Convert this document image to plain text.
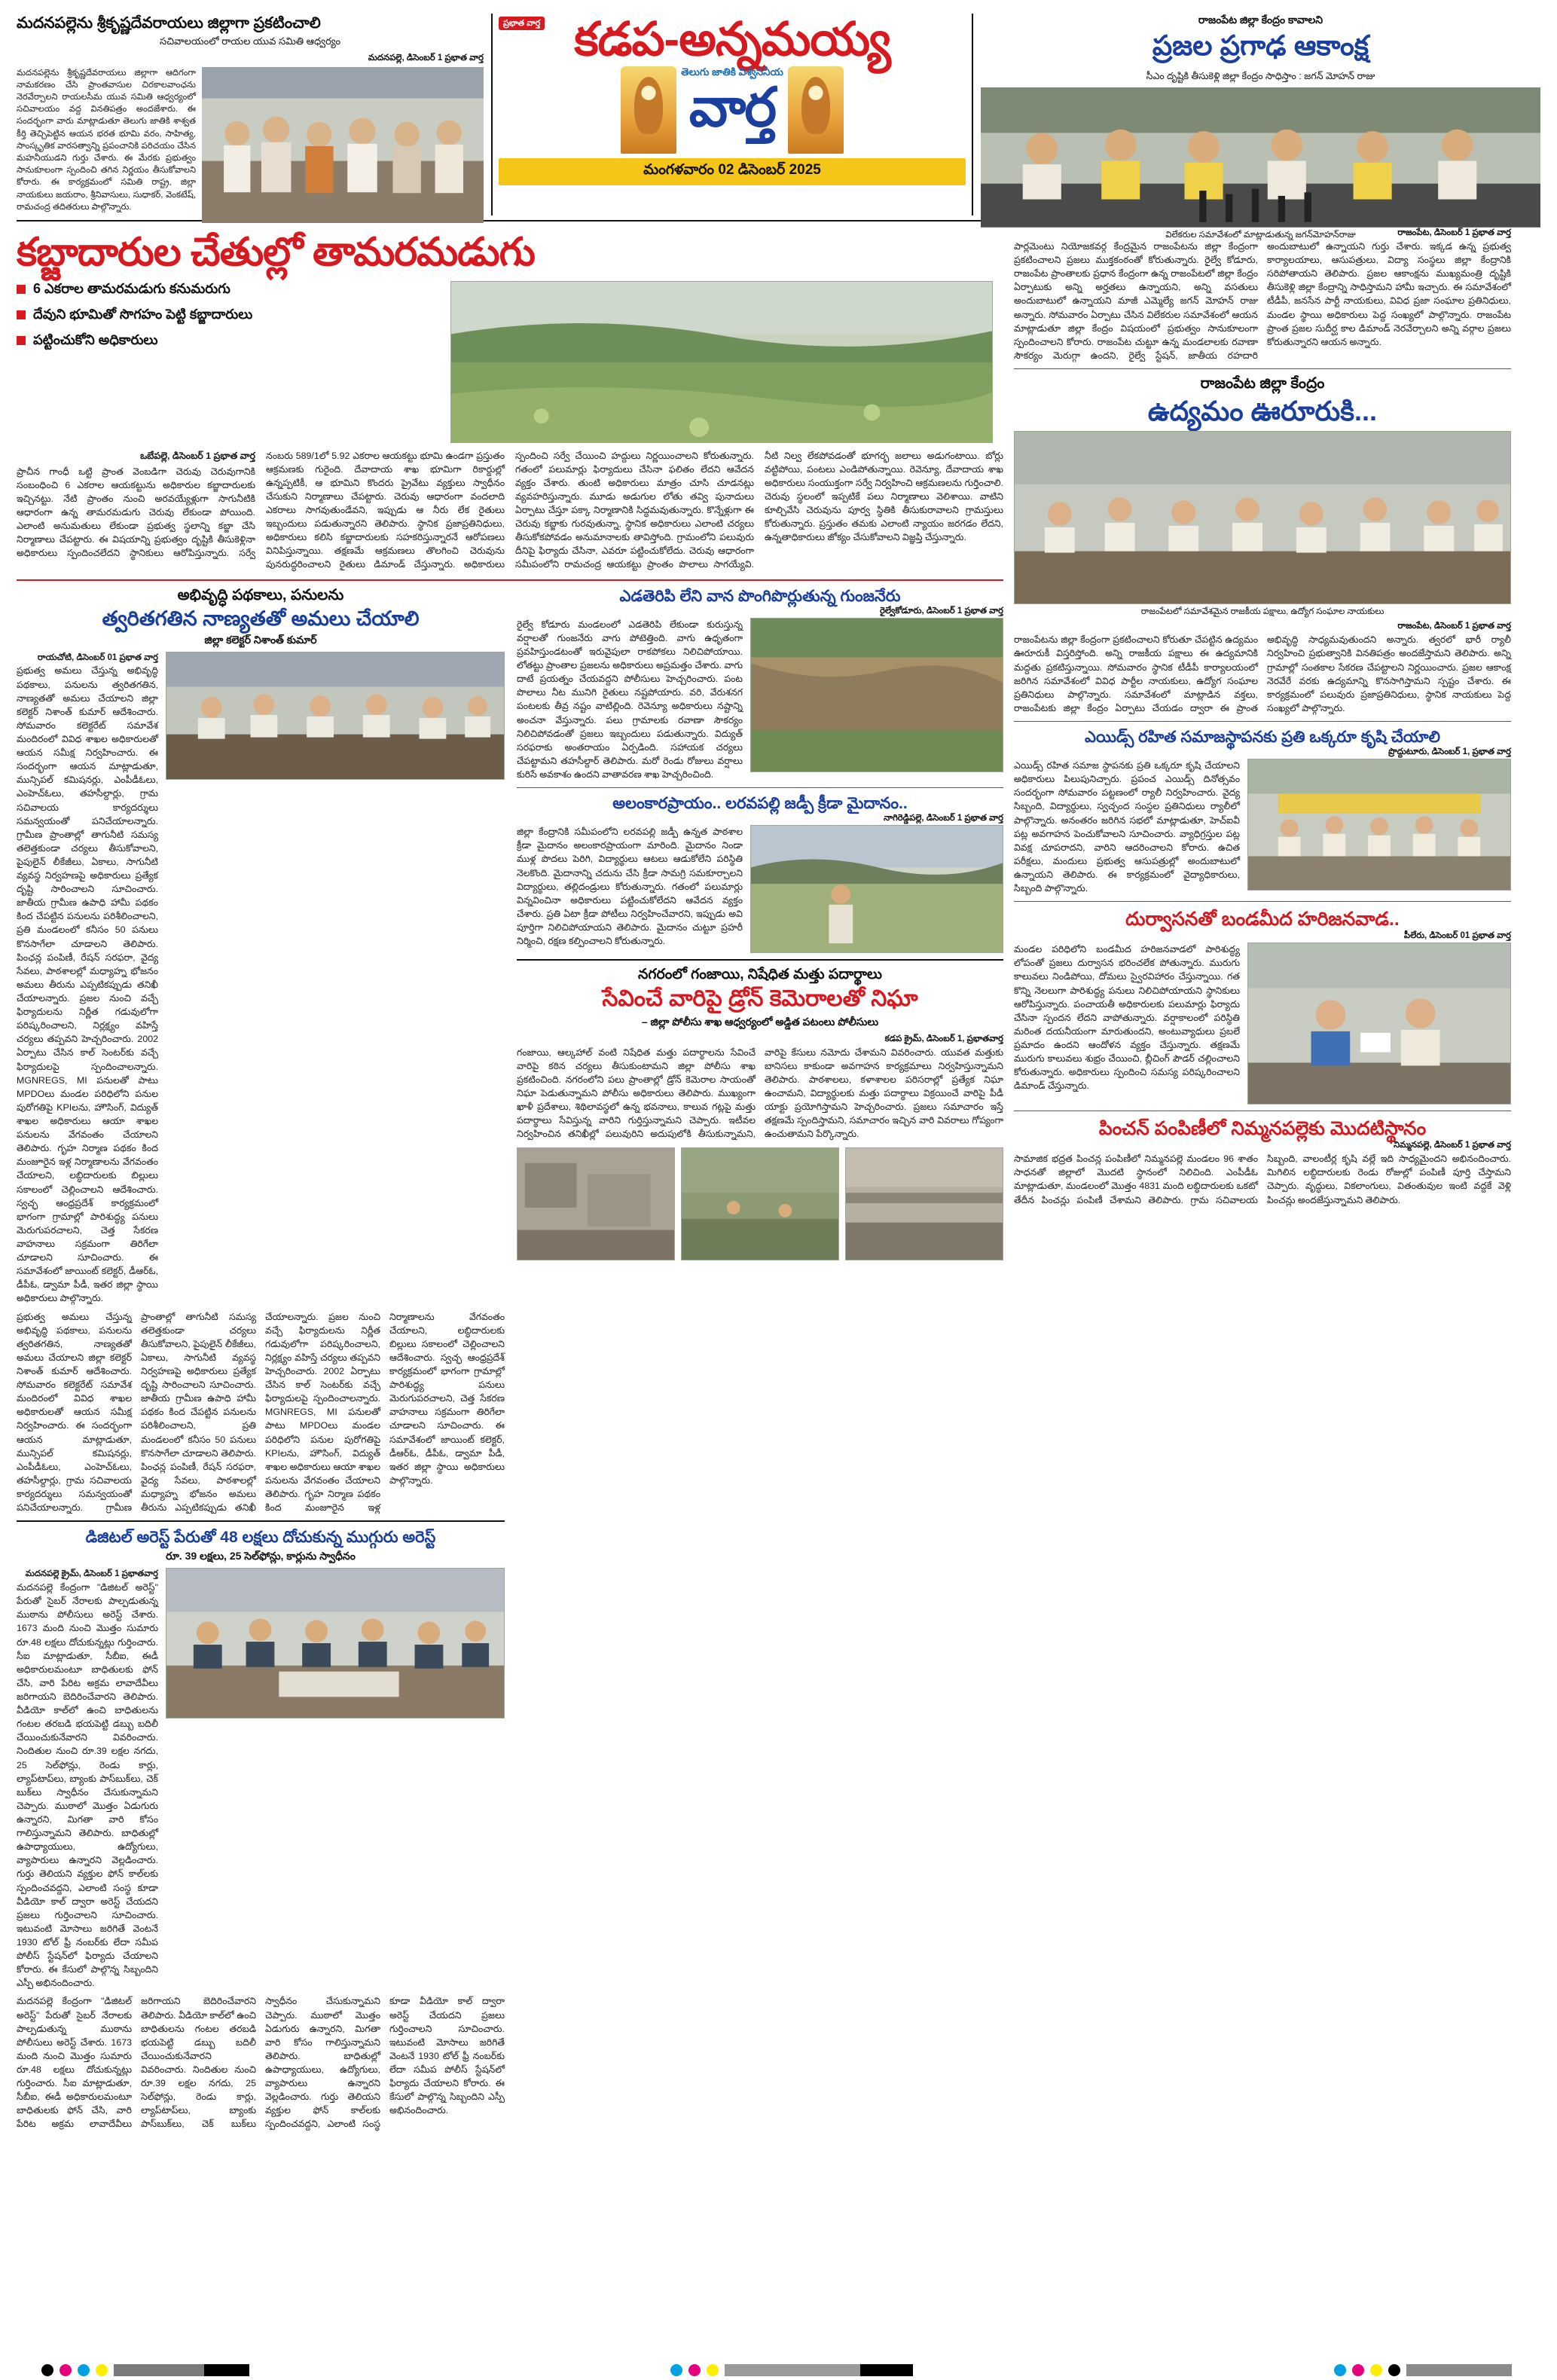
మదనపల్లెను శ్రీకృష్ణదేవరాయలు జిల్లాగా ప్రకటించాలి
సచివాలయంలో రాయల యువ సమితి ఆధ్వర్యం
మదనపల్లె, డిసెంబర్ 1 ప్రభాత వార్త
మదనపల్లెను శ్రీకృష్ణదేవరాయలు జిల్లాగా ఆదిగంగా నామకరణం చేసి ప్రాంతవాసుల చిరకాలవాంఛను నెరవేర్చాలని రాయలసీమ యువ సమితి ఆధ్వర్యంలో సచివాలయం వద్ద వినతిపత్రం అందజేశారు. ఈ సందర్భంగా వారు మాట్లాడుతూ తెలుగు జాతికి శాశ్వత కీర్తి తెచ్చిపెట్టిన ఆయన భరత భూమి వరం, సాహిత్య, సాంస్కృతిక వారసత్వాన్ని ప్రపంచానికి పరిచయం చేసిన మహనీయుడని గుర్తు చేశారు. ఈ మేరకు ప్రభుత్వం సానుకూలంగా స్పందించి తగిన నిర్ణయం తీసుకోవాలని కోరారు. ఈ కార్యక్రమంలో సమితి రాష్ట్ర, జిల్లా నాయకులు జయరాం, శ్రీనివాసులు, సుధాకర్, వెంకటేష్, రామచంద్ర తదితరులు పాల్గొన్నారు.
ప్రభాత వార్త కడప-అన్నమయ్య
తెలుగు జాతికి విశ్వసనీయ
వార్త
మంగళవారం 02 డిసెంబర్ 2025
రాజంపేట జిల్లా కేంద్రం కావాలని
ప్రజల ప్రగాఢ ఆకాంక్ష
సీఎం దృష్టికి తీసుకెళ్లి జిల్లా కేంద్రం సాధిస్తాం : జగన్ మోహన్ రాజు
విలేకరుల సమావేశంలో మాట్లాడుతున్న జగన్‌మోహన్‌రాజు
కబ్జాదారుల చేతుల్లో తామరమడుగు
6 ఎకరాల తామరమడుగు కనుమరుగు
దేవుని భూమితో సొగహం పెట్టి కబ్జాదారులు
పట్టించుకోని అధికారులు
ఒబేపల్లె, డిసెంబర్ 1 ప్రభాత వార్త
ప్రాచీన గాంధీ ఒట్టి ప్రాంత వెంబడిగా చెరువు చెరువుగానికి సంబంధించి 6 ఎకరాల ఆయకట్టును అధికారుల కబ్జాదారులకు ఇచ్చినట్టు. నేటి ప్రాంతం నుంచి అరవయ్యేళ్లుగా సాగునీటికి ఆధారంగా ఉన్న తామరమడుగు చెరువు లేకుండా పోయింది. ఎలాంటి అనుమతులు లేకుండా ప్రభుత్వ స్థలాన్ని కబ్జా చేసి నిర్మాణాలు చేపట్టారు. ఈ విషయాన్ని ప్రభుత్వం దృష్టికి తీసుకెళ్లినా అధికారులు స్పందించలేదని స్థానికులు ఆరోపిస్తున్నారు. సర్వే నంబరు 589/1లో 5.92 ఎకరాల ఆయకట్టు భూమి ఉండగా ప్రస్తుతం ఆక్రమణకు గురైంది. దేవాదాయ శాఖ భూమిగా రికార్డుల్లో ఉన్నప్పటికీ, ఆ భూమిని కొందరు ప్రైవేటు వ్యక్తులు స్వాధీనం చేసుకుని నిర్మాణాలు చేపట్టారు. చెరువు ఆధారంగా వందలాది ఎకరాలు సాగవుతుండేవని, ఇప్పుడు ఆ నీరు లేక రైతులు ఇబ్బందులు పడుతున్నారని తెలిపారు. స్థానిక ప్రజాప్రతినిధులు, అధికారులు కలిసి కబ్జాదారులకు సహకరిస్తున్నారనే ఆరోపణలు వినిపిస్తున్నాయి. తక్షణమే ఆక్రమణలు తొలగించి చెరువును పునరుద్ధరించాలని రైతులు డిమాండ్ చేస్తున్నారు. అధికారులు స్పందించి సర్వే చేయించి హద్దులు నిర్ణయించాలని కోరుతున్నారు. గతంలో పలుమార్లు ఫిర్యాదులు చేసినా ఫలితం లేదని ఆవేదన వ్యక్తం చేశారు. తుంటి అధికారులు మాత్రం చూసి చూడనట్లు వ్యవహరిస్తున్నారు. మూడు అడుగుల లోతు తవ్వి పునాదులు ఏర్పాటు చేస్తూ పక్కా నిర్మాణానికి సిద్ధమవుతున్నారు. కొన్నేళ్లుగా ఈ చెరువు కబ్జాకు గురవుతున్నా, స్థానిక అధికారులు ఎలాంటి చర్యలు తీసుకోకపోవడం అనుమానాలకు తావిస్తోంది. గ్రామంలోని పలువురు దీనిపై ఫిర్యాదు చేసినా, ఎవరూ పట్టించుకోలేదు. చెరువు ఆధారంగా సమీపంలోని రామచంద్ర ఆయకట్టు ప్రాంతం పొలాలు సాగయ్యేవి. నీటి నిల్వ లేకపోవడంతో భూగర్భ జలాలు అడుగంటాయి. బోర్లు వట్టిపోయి, పంటలు ఎండిపోతున్నాయి. రెవెన్యూ, దేవాదాయ శాఖ అధికారులు సంయుక్తంగా సర్వే నిర్వహించి ఆక్రమణలను గుర్తించాలి. చెరువు స్థలంలో ఇప్పటికే పలు నిర్మాణాలు వెలిశాయి. వాటిని కూల్చివేసి చెరువును పూర్వ స్థితికి తీసుకురావాలని గ్రామస్తులు కోరుతున్నారు. ప్రస్తుతం తమకు ఎలాంటి న్యాయం జరగడం లేదని, ఉన్నతాధికారులు జోక్యం చేసుకోవాలని విజ్ఞప్తి చేస్తున్నారు.
అభివృద్ధి పథకాలు, పనులను
త్వరితగతిన నాణ్యతతో అమలు చేయాలి
జిల్లా కలెక్టర్ నిశాంత్ కుమార్
రాయచోటి, డిసెంబర్ 01 ప్రభాత వార్త
ప్రభుత్వ అమలు చేస్తున్న అభివృద్ధి పథకాలు, పనులను త్వరితగతిన, నాణ్యతతో అమలు చేయాలని జిల్లా కలెక్టర్ నిశాంత్ కుమార్ ఆదేశించారు. సోమవారం కలెక్టరేట్ సమావేశ మందిరంలో వివిధ శాఖల అధికారులతో ఆయన సమీక్ష నిర్వహించారు. ఈ సందర్భంగా ఆయన మాట్లాడుతూ, మున్సిపల్ కమిషనర్లు, ఎంపీడీఓలు, ఎంహెచ్‌ఓలు, తహసీల్దార్లు, గ్రామ సచివాలయ కార్యదర్శులు సమన్వయంతో పనిచేయాలన్నారు. గ్రామీణ ప్రాంతాల్లో తాగునీటి సమస్య తలెత్తకుండా చర్యలు తీసుకోవాలని, పైపులైన్ లీకేజీలు, ఏకాలు, సాగునీటి వ్యవస్థ నిర్వహణపై అధికారులు ప్రత్యేక దృష్టి సారించాలని సూచించారు. జాతీయ గ్రామీణ ఉపాధి హామీ పథకం కింద చేపట్టిన పనులను పరిశీలించాలని, ప్రతి మండలంలో కనీసం 50 పనులు కొనసాగేలా చూడాలని తెలిపారు. పింఛన్ల పంపిణీ, రేషన్ సరఫరా, వైద్య సేవలు, పాఠశాలల్లో మధ్యాహ్న భోజనం అమలు తీరును ఎప్పటికప్పుడు తనిఖీ చేయాలన్నారు. ప్రజల నుంచి వచ్చే ఫిర్యాదులను నిర్ణీత గడువులోగా పరిష్కరించాలని, నిర్లక్ష్యం వహిస్తే చర్యలు తప్పవని హెచ్చరించారు. 2002 ఏర్పాటు చేసిన కాల్ సెంటర్‌కు వచ్చే ఫిర్యాదులపై స్పందించాలన్నారు. MGNREGS, MI పనులతో పాటు MPDOలు మండల పరిధిలోని పనుల పురోగతిపై KPIలను, హౌసింగ్, విద్యుత్ శాఖల అధికారులు ఆయా శాఖల పనులను వేగవంతం చేయాలని తెలిపారు. గృహ నిర్మాణ పథకం కింద మంజూరైన ఇళ్ల నిర్మాణాలను వేగవంతం చేయాలని, లబ్ధిదారులకు బిల్లులు సకాలంలో చెల్లించాలని ఆదేశించారు. స్వచ్ఛ ఆంధ్రప్రదేశ్ కార్యక్రమంలో భాగంగా గ్రామాల్లో పారిశుద్ధ్య పనులు మెరుగుపరచాలని, చెత్త సేకరణ వాహనాలు సక్రమంగా తిరిగేలా చూడాలని సూచించారు. ఈ సమావేశంలో జాయింట్ కలెక్టర్, డీఆర్‌ఓ, డీపీఓ, డ్వామా పీడీ, ఇతర జిల్లా స్థాయి అధికారులు పాల్గొన్నారు.
ప్రభుత్వ అమలు చేస్తున్న అభివృద్ధి పథకాలు, పనులను త్వరితగతిన, నాణ్యతతో అమలు చేయాలని జిల్లా కలెక్టర్ నిశాంత్ కుమార్ ఆదేశించారు. సోమవారం కలెక్టరేట్ సమావేశ మందిరంలో వివిధ శాఖల అధికారులతో ఆయన సమీక్ష నిర్వహించారు. ఈ సందర్భంగా ఆయన మాట్లాడుతూ, మున్సిపల్ కమిషనర్లు, ఎంపీడీఓలు, ఎంహెచ్‌ఓలు, తహసీల్దార్లు, గ్రామ సచివాలయ కార్యదర్శులు సమన్వయంతో పనిచేయాలన్నారు. గ్రామీణ ప్రాంతాల్లో తాగునీటి సమస్య తలెత్తకుండా చర్యలు తీసుకోవాలని, పైపులైన్ లీకేజీలు, ఏకాలు, సాగునీటి వ్యవస్థ నిర్వహణపై అధికారులు ప్రత్యేక దృష్టి సారించాలని సూచించారు. జాతీయ గ్రామీణ ఉపాధి హామీ పథకం కింద చేపట్టిన పనులను పరిశీలించాలని, ప్రతి మండలంలో కనీసం 50 పనులు కొనసాగేలా చూడాలని తెలిపారు. పింఛన్ల పంపిణీ, రేషన్ సరఫరా, వైద్య సేవలు, పాఠశాలల్లో మధ్యాహ్న భోజనం అమలు తీరును ఎప్పటికప్పుడు తనిఖీ చేయాలన్నారు. ప్రజల నుంచి వచ్చే ఫిర్యాదులను నిర్ణీత గడువులోగా పరిష్కరించాలని, నిర్లక్ష్యం వహిస్తే చర్యలు తప్పవని హెచ్చరించారు. 2002 ఏర్పాటు చేసిన కాల్ సెంటర్‌కు వచ్చే ఫిర్యాదులపై స్పందించాలన్నారు. MGNREGS, MI పనులతో పాటు MPDOలు మండల పరిధిలోని పనుల పురోగతిపై KPIలను, హౌసింగ్, విద్యుత్ శాఖల అధికారులు ఆయా శాఖల పనులను వేగవంతం చేయాలని తెలిపారు. గృహ నిర్మాణ పథకం కింద మంజూరైన ఇళ్ల నిర్మాణాలను వేగవంతం చేయాలని, లబ్ధిదారులకు బిల్లులు సకాలంలో చెల్లించాలని ఆదేశించారు. స్వచ్ఛ ఆంధ్రప్రదేశ్ కార్యక్రమంలో భాగంగా గ్రామాల్లో పారిశుద్ధ్య పనులు మెరుగుపరచాలని, చెత్త సేకరణ వాహనాలు సక్రమంగా తిరిగేలా చూడాలని సూచించారు. ఈ సమావేశంలో జాయింట్ కలెక్టర్, డీఆర్‌ఓ, డీపీఓ, డ్వామా పీడీ, ఇతర జిల్లా స్థాయి అధికారులు పాల్గొన్నారు.
డిజిటల్ అరెస్ట్ పేరుతో 48 లక్షలు దోచుకున్న ముగ్గురు అరెస్ట్
రూ. 39 లక్షలు, 25 సెల్‌ఫోన్లు, కార్లును స్వాధీనం
మదనపల్లె క్రైమ్, డిసెంబర్ 1 ప్రభాతవార్త
మదనపల్లె కేంద్రంగా "డిజిటల్ అరెస్ట్" పేరుతో సైబర్ నేరాలకు పాల్పడుతున్న ముఠాను పోలీసులు అరెస్ట్ చేశారు. 1673 మంది నుంచి మొత్తం సుమారు రూ.48 లక్షలు దోచుకున్నట్లు గుర్తించారు. సీఐ మాట్లాడుతూ, సీబీఐ, ఈడీ అధికారులమంటూ బాధితులకు ఫోన్ చేసి, వారి పేరిట అక్రమ లావాదేవీలు జరిగాయని బెదిరించేవారని తెలిపారు. వీడియో కాల్‌లో ఉంచి బాధితులను గంటల తరబడి భయపెట్టి డబ్బు బదిలీ చేయించుకునేవారని వివరించారు. నిందితుల నుంచి రూ.39 లక్షల నగదు, 25 సెల్‌ఫోన్లు, రెండు కార్లు, ల్యాప్‌టాప్‌లు, బ్యాంకు పాస్‌బుక్‌లు, చెక్ బుక్‌లు స్వాధీనం చేసుకున్నామని చెప్పారు. ముఠాలో మొత్తం ఏడుగురు ఉన్నారని, మిగతా వారి కోసం గాలిస్తున్నామని తెలిపారు. బాధితుల్లో ఉపాధ్యాయులు, ఉద్యోగులు, వ్యాపారులు ఉన్నారని వెల్లడించారు. గుర్తు తెలియని వ్యక్తుల ఫోన్ కాల్‌లకు స్పందించవద్దని, ఎలాంటి సంస్థ కూడా వీడియో కాల్ ద్వారా అరెస్ట్ చేయదని ప్రజలు గుర్తించాలని సూచించారు. ఇటువంటి మోసాలు జరిగితే వెంటనే 1930 టోల్ ఫ్రీ నంబర్‌కు లేదా సమీప పోలీస్ స్టేషన్‌లో ఫిర్యాదు చేయాలని కోరారు. ఈ కేసులో పాల్గొన్న సిబ్బందిని ఎస్పీ అభినందించారు.
మదనపల్లె కేంద్రంగా "డిజిటల్ అరెస్ట్" పేరుతో సైబర్ నేరాలకు పాల్పడుతున్న ముఠాను పోలీసులు అరెస్ట్ చేశారు. 1673 మంది నుంచి మొత్తం సుమారు రూ.48 లక్షలు దోచుకున్నట్లు గుర్తించారు. సీఐ మాట్లాడుతూ, సీబీఐ, ఈడీ అధికారులమంటూ బాధితులకు ఫోన్ చేసి, వారి పేరిట అక్రమ లావాదేవీలు జరిగాయని బెదిరించేవారని తెలిపారు. వీడియో కాల్‌లో ఉంచి బాధితులను గంటల తరబడి భయపెట్టి డబ్బు బదిలీ చేయించుకునేవారని వివరించారు. నిందితుల నుంచి రూ.39 లక్షల నగదు, 25 సెల్‌ఫోన్లు, రెండు కార్లు, ల్యాప్‌టాప్‌లు, బ్యాంకు పాస్‌బుక్‌లు, చెక్ బుక్‌లు స్వాధీనం చేసుకున్నామని చెప్పారు. ముఠాలో మొత్తం ఏడుగురు ఉన్నారని, మిగతా వారి కోసం గాలిస్తున్నామని తెలిపారు. బాధితుల్లో ఉపాధ్యాయులు, ఉద్యోగులు, వ్యాపారులు ఉన్నారని వెల్లడించారు. గుర్తు తెలియని వ్యక్తుల ఫోన్ కాల్‌లకు స్పందించవద్దని, ఎలాంటి సంస్థ కూడా వీడియో కాల్ ద్వారా అరెస్ట్ చేయదని ప్రజలు గుర్తించాలని సూచించారు. ఇటువంటి మోసాలు జరిగితే వెంటనే 1930 టోల్ ఫ్రీ నంబర్‌కు లేదా సమీప పోలీస్ స్టేషన్‌లో ఫిర్యాదు చేయాలని కోరారు. ఈ కేసులో పాల్గొన్న సిబ్బందిని ఎస్పీ అభినందించారు.
ఎడతెరిపి లేని వాన పొంగిపొర్లుతున్న గుంజనేరు
రైల్వేకోడూరు, డిసెంబర్ 1 ప్రభాత వార్త
రైల్వే కోడూరు మండలంలో ఎడతెరిపి లేకుండా కురుస్తున్న వర్షాలతో గుంజనేరు వాగు పోటెత్తింది. వాగు ఉధృతంగా ప్రవహిస్తుండటంతో ఇరువైపులా రాకపోకలు నిలిచిపోయాయి. లోతట్టు ప్రాంతాల ప్రజలను అధికారులు అప్రమత్తం చేశారు. వాగు దాటే ప్రయత్నం చేయవద్దని పోలీసులు హెచ్చరించారు. పంట పొలాలు నీట మునిగి రైతులు నష్టపోయారు. వరి, వేరుశనగ పంటలకు తీవ్ర నష్టం వాటిల్లింది. రెవెన్యూ అధికారులు నష్టాన్ని అంచనా వేస్తున్నారు. పలు గ్రామాలకు రవాణా సౌకర్యం నిలిచిపోవడంతో ప్రజలు ఇబ్బందులు పడుతున్నారు. విద్యుత్ సరఫరాకు అంతరాయం ఏర్పడింది. సహాయక చర్యలు చేపట్టామని తహసీల్దార్ తెలిపారు. మరో రెండు రోజులు వర్షాలు కురిసే అవకాశం ఉందని వాతావరణ శాఖ హెచ్చరించింది.
అలంకారప్రాయం.. లరవపల్లి జడ్పీ క్రీడా మైదానం..
నాగిరెడ్డిపల్లె, డిసెంబర్ 1 ప్రభాత వార్త
జిల్లా కేంద్రానికి సమీపంలోని లరవపల్లి జడ్పీ ఉన్నత పాఠశాల క్రీడా మైదానం అలంకారప్రాయంగా మారింది. మైదానం నిండా ముళ్ల పొదలు పెరిగి, విద్యార్థులు ఆటలు ఆడుకోలేని పరిస్థితి నెలకొంది. మైదానాన్ని చదును చేసి క్రీడా సామగ్రి సమకూర్చాలని విద్యార్థులు, తల్లిదండ్రులు కోరుతున్నారు. గతంలో పలుమార్లు విన్నవించినా అధికారులు పట్టించుకోలేదని ఆవేదన వ్యక్తం చేశారు. ప్రతి ఏటా క్రీడా పోటీలు నిర్వహించేవారని, ఇప్పుడు అవి పూర్తిగా నిలిచిపోయాయని తెలిపారు. మైదానం చుట్టూ ప్రహరీ నిర్మించి, రక్షణ కల్పించాలని కోరుతున్నారు.
నగరంలో గంజాయి, నిషేధిత మత్తు పదార్థాలు
సేవించే వారిపై డ్రోన్ కెమెరాలతో నిఘా
– జిల్లా పోలీసు శాఖ ఆధ్వర్యంలో అడ్డిత పటంలు పోలీసులు
కడప క్రైమ్, డిసెంబర్ 1, ప్రభాతవార్త
గంజాయి, ఆల్కహాల్ వంటి నిషేధిత మత్తు పదార్థాలను సేవించే వారిపై కఠిన చర్యలు తీసుకుంటామని జిల్లా పోలీసు శాఖ ప్రకటించింది. నగరంలోని పలు ప్రాంతాల్లో డ్రోన్ కెమెరాల సాయంతో నిఘా పెడుతున్నామని పోలీసు అధికారులు తెలిపారు. ముఖ్యంగా ఖాళీ ప్రదేశాలు, శిథిలావస్థలో ఉన్న భవనాలు, కాలువ గట్లపై మత్తు పదార్థాలు సేవిస్తున్న వారిని గుర్తిస్తున్నామని చెప్పారు. ఇటీవల నిర్వహించిన తనిఖీల్లో పలువురిని అదుపులోకి తీసుకున్నామని, వారిపై కేసులు నమోదు చేశామని వివరించారు. యువత మత్తుకు బానిసలు కాకుండా అవగాహన కార్యక్రమాలు నిర్వహిస్తున్నామని తెలిపారు. పాఠశాలలు, కళాశాలల పరిసరాల్లో ప్రత్యేక నిఘా ఉంచామని, విద్యార్థులకు మత్తు పదార్థాలు విక్రయించే వారిపై పీడీ యాక్టు ప్రయోగిస్తామని హెచ్చరించారు. ప్రజలు సమాచారం ఇస్తే తక్షణమే స్పందిస్తామని, సమాచారం ఇచ్చిన వారి వివరాలు గోప్యంగా ఉంచుతామని పేర్కొన్నారు.
రాజంపేట, డిసెంబర్ 1 ప్రభాత వార్త
పార్లమెంటు నియోజకవర్గ కేంద్రమైన రాజంపేటను జిల్లా కేంద్రంగా ప్రకటించాలని ప్రజలు ముక్తకంఠంతో కోరుతున్నారు. రైల్వే కోడూరు, రాజంపేట ప్రాంతాలకు ప్రధాన కేంద్రంగా ఉన్న రాజంపేటలో జిల్లా కేంద్రం ఏర్పాటుకు అన్ని అర్హతలు ఉన్నాయని, అన్ని వసతులు అందుబాటులో ఉన్నాయని మాజీ ఎమ్మెల్యే జగన్ మోహన్ రాజు అన్నారు. సోమవారం ఏర్పాటు చేసిన విలేకరుల సమావేశంలో ఆయన మాట్లాడుతూ జిల్లా కేంద్రం విషయంలో ప్రభుత్వం సానుకూలంగా స్పందించాలని కోరారు. రాజంపేట చుట్టూ ఉన్న మండలాలకు రవాణా సౌకర్యం మెరుగ్గా ఉందని, రైల్వే స్టేషన్, జాతీయ రహదారి అందుబాటులో ఉన్నాయని గుర్తు చేశారు. ఇక్కడ ఉన్న ప్రభుత్వ కార్యాలయాలు, ఆసుపత్రులు, విద్యా సంస్థలు జిల్లా కేంద్రానికి సరిపోతాయని తెలిపారు. ప్రజల ఆకాంక్షను ముఖ్యమంత్రి దృష్టికి తీసుకెళ్లి జిల్లా కేంద్రాన్ని సాధిస్తామని హామీ ఇచ్చారు. ఈ సమావేశంలో టీడీపీ, జనసేన పార్టీ నాయకులు, వివిధ ప్రజా సంఘాల ప్రతినిధులు, మండల స్థాయి అధికారులు పెద్ద సంఖ్యలో పాల్గొన్నారు. రాజంపేట ప్రాంత ప్రజల సుదీర్ఘ కాల డిమాండ్ నెరవేర్చాలని అన్ని వర్గాల ప్రజలు కోరుతున్నారని ఆయన అన్నారు.
రాజంపేట జిల్లా కేంద్రం
ఉద్యమం ఊరూరుకి...
రాజంపేటలో సమావేశమైన రాజకీయ పక్షాలు, ఉద్యోగ సంఘాల నాయకులు
రాజంపేట, డిసెంబర్ 1 ప్రభాత వార్త
రాజంపేటను జిల్లా కేంద్రంగా ప్రకటించాలని కోరుతూ చేపట్టిన ఉద్యమం ఊరూరుకీ విస్తరిస్తోంది. అన్ని రాజకీయ పక్షాలు ఈ ఉద్యమానికి మద్దతు ప్రకటిస్తున్నాయి. సోమవారం స్థానిక టీడీపీ కార్యాలయంలో జరిగిన సమావేశంలో వివిధ పార్టీల నాయకులు, ఉద్యోగ సంఘాల ప్రతినిధులు పాల్గొన్నారు. సమావేశంలో మాట్లాడిన వక్తలు, రాజంపేటకు జిల్లా కేంద్రం ఏర్పాటు చేయడం ద్వారా ఈ ప్రాంత అభివృద్ధి సాధ్యమవుతుందని అన్నారు. త్వరలో భారీ ర్యాలీ నిర్వహించి ప్రభుత్వానికి వినతిపత్రం అందజేస్తామని తెలిపారు. అన్ని గ్రామాల్లో సంతకాల సేకరణ చేపట్టాలని నిర్ణయించారు. ప్రజల ఆకాంక్ష నెరవేరే వరకు ఉద్యమాన్ని కొనసాగిస్తామని స్పష్టం చేశారు. ఈ కార్యక్రమంలో పలువురు ప్రజాప్రతినిధులు, స్థానిక నాయకులు పెద్ద సంఖ్యలో పాల్గొన్నారు.
ఎయిడ్స్ రహిత సమాజస్థాపనకు ప్రతి ఒక్కరూ కృషి చేయాలి
ప్రొద్దుటూరు, డిసెంబర్ 1, ప్రభాత వార్త
ఎయిడ్స్ రహిత సమాజ స్థాపనకు ప్రతి ఒక్కరూ కృషి చేయాలని అధికారులు పిలుపునిచ్చారు. ప్రపంచ ఎయిడ్స్ దినోత్సవం సందర్భంగా సోమవారం పట్టణంలో ర్యాలీ నిర్వహించారు. వైద్య సిబ్బంది, విద్యార్థులు, స్వచ్ఛంద సంస్థల ప్రతినిధులు ర్యాలీలో పాల్గొన్నారు. అనంతరం జరిగిన సభలో మాట్లాడుతూ, హెచ్‌ఐవీ పట్ల అవగాహన పెంచుకోవాలని సూచించారు. వ్యాధిగ్రస్తుల పట్ల వివక్ష చూపరాదని, వారిని ఆదరించాలని కోరారు. ఉచిత పరీక్షలు, మందులు ప్రభుత్వ ఆసుపత్రుల్లో అందుబాటులో ఉన్నాయని తెలిపారు. ఈ కార్యక్రమంలో వైద్యాధికారులు, సిబ్బంది పాల్గొన్నారు.
దుర్వాసనతో బండమీద హరిజనవాడ..
పీలేరు, డిసెంబర్ 01 ప్రభాత వార్త
మండల పరిధిలోని బండమీద హరిజనవాడలో పారిశుద్ధ్య లోపంతో ప్రజలు దుర్వాసన భరించలేక పోతున్నారు. మురుగు కాలువలు నిండిపోయి, దోమలు స్వైరవిహారం చేస్తున్నాయి. గత కొన్ని నెలలుగా పారిశుద్ధ్య పనులు నిలిచిపోయాయని స్థానికులు ఆరోపిస్తున్నారు. పంచాయతీ అధికారులకు పలుమార్లు ఫిర్యాదు చేసినా స్పందన లేదని వాపోతున్నారు. వర్షాకాలంలో పరిస్థితి మరింత దయనీయంగా మారుతుందని, అంటువ్యాధులు ప్రబలే ప్రమాదం ఉందని ఆందోళన వ్యక్తం చేస్తున్నారు. తక్షణమే మురుగు కాలువలు శుభ్రం చేయించి, బ్లీచింగ్ పౌడర్ చల్లించాలని కోరుతున్నారు. అధికారులు స్పందించి సమస్య పరిష్కరించాలని డిమాండ్ చేస్తున్నారు.
పించన్ పంపిణీలో నిమ్మనపల్లెకు మొదటిస్థానం
నిమ్మనపల్లె, డిసెంబర్ 1 ప్రభాత వార్త
సామాజిక భద్రత పించన్ల పంపిణీలో నిమ్మనపల్లె మండలం 96 శాతం సాధనతో జిల్లాలో మొదటి స్థానంలో నిలిచింది. ఎంపీడీఓ మాట్లాడుతూ, మండలంలో మొత్తం 4831 మంది లబ్ధిదారులకు ఒకటో తేదీన పించన్లు పంపిణీ చేశామని తెలిపారు. గ్రామ సచివాలయ సిబ్బంది, వాలంటీర్ల కృషి వల్లే ఇది సాధ్యమైందని అభినందించారు. మిగిలిన లబ్ధిదారులకు రెండు రోజుల్లో పంపిణీ పూర్తి చేస్తామని చెప్పారు. వృద్ధులు, వికలాంగులు, వితంతువుల ఇంటి వద్దకే వెళ్లి పించన్లు అందజేస్తున్నామని తెలిపారు.
